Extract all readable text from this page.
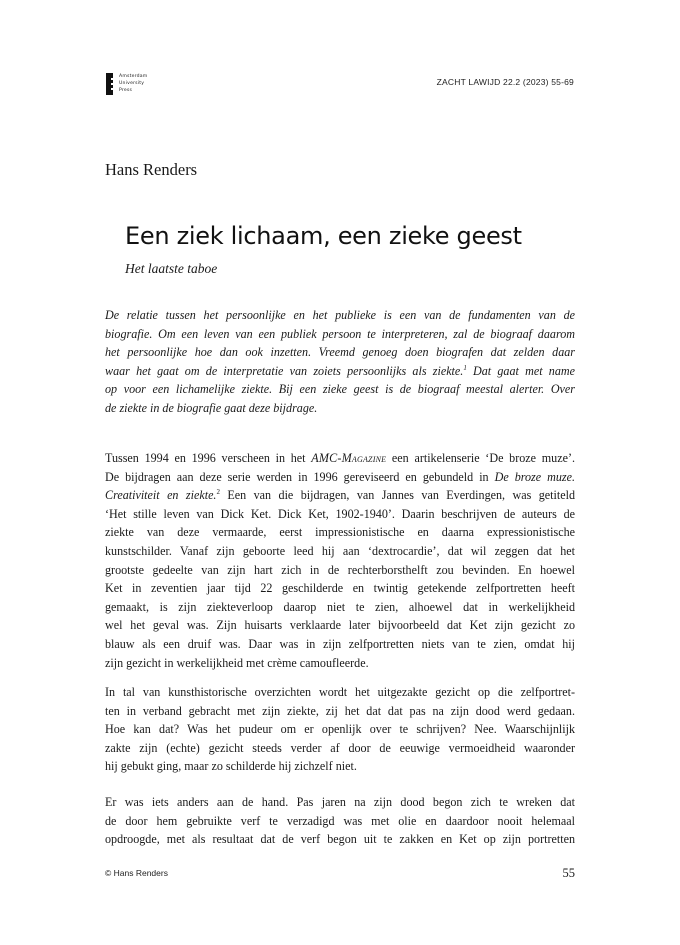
Amsterdam
University
Press
ZACHT LAWIJD 22.2 (2023) 55-69
Hans Renders
Een ziek lichaam, een zieke geest
Het laatste taboe
De relatie tussen het persoonlijke en het publieke is een van de fundamenten van de
biografie. Om een leven van een publiek persoon te interpreteren, zal de biograaf daarom
het persoonlijke hoe dan ook inzetten. Vreemd genoeg doen biografen dat zelden daar
waar het gaat om de interpretatie van zoiets persoonlijks als ziekte.$^1$ Dat gaat met name
op voor een lichamelijke ziekte. Bij een zieke geest is de biograaf meestal alerter. Over
de ziekte in de biografie gaat deze bijdrage.
Tussen 1994 en 1996 verscheen in het AMC-Magazine een artikelenserie ‘De broze muze’.
De bijdragen aan deze serie werden in 1996 gereviseerd en gebundeld in De broze muze.
Creativiteit en ziekte.$^2$ Een van die bijdragen, van Jannes van Everdingen, was getiteld
‘Het stille leven van Dick Ket. Dick Ket, 1902-1940’. Daarin beschrijven de auteurs de
ziekte van deze vermaarde, eerst impressionistische en daarna expressionistische
kunstschilder. Vanaf zijn geboorte leed hij aan ‘dextrocardie’, dat wil zeggen dat het
grootste gedeelte van zijn hart zich in de rechterborsthelft zou bevinden. En hoewel
Ket in zeventien jaar tijd 22 geschilderde en twintig getekende zelfportretten heeft
gemaakt, is zijn ziekteverloop daarop niet te zien, alhoewel dat in werkelijkheid
wel het geval was. Zijn huisarts verklaarde later bijvoorbeeld dat Ket zijn gezicht zo
blauw als een druif was. Daar was in zijn zelfportretten niets van te zien, omdat hij
zijn gezicht in werkelijkheid met crème camoufleerde.
In tal van kunsthistorische overzichten wordt het uitgezakte gezicht op die zelfportret-
ten in verband gebracht met zijn ziekte, zij het dat dat pas na zijn dood werd gedaan.
Hoe kan dat? Was het pudeur om er openlijk over te schrijven? Nee. Waarschijnlijk
zakte zijn (echte) gezicht steeds verder af door de eeuwige vermoeidheid waaronder
hij gebukt ging, maar zo schilderde hij zichzelf niet.
Er was iets anders aan de hand. Pas jaren na zijn dood begon zich te wreken dat
de door hem gebruikte verf te verzadigd was met olie en daardoor nooit helemaal
opdroogde, met als resultaat dat de verf begon uit te zakken en Ket op zijn portretten
© Hans Renders	55
